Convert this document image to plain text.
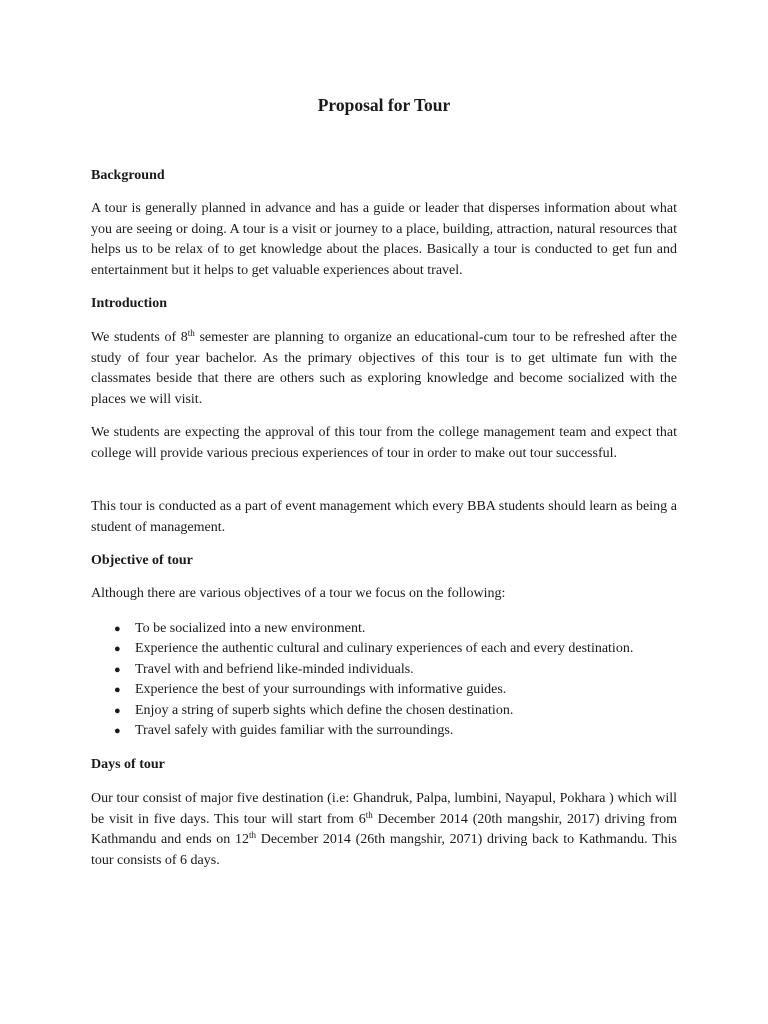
Proposal for Tour
Background

A tour is generally planned in advance and has a guide or leader that disperses information about what you are seeing or doing. A tour is a visit or journey to a place, building, attraction, natural resources that helps us to be relax of to get knowledge about the places. Basically a tour is conducted to get fun and entertainment but it helps to get valuable experiences about travel.

Introduction

We students of 8th semester are planning to organize an educational-cum tour to be refreshed after the study of four year bachelor. As the primary objectives of this tour is to get ultimate fun with the classmates beside that there are others such as exploring knowledge and become socialized with the places we will visit.

We students are expecting the approval of this tour from the college management team and expect that college will provide various precious experiences of tour in order to make out tour successful.

This tour is conducted as a part of event management which every BBA students should learn as being a student of management.

Objective of tour

Although there are various objectives of a tour we focus on the following:

● To be socialized into a new environment.
● Experience the authentic cultural and culinary experiences of each and every destination.
● Travel with and befriend like-minded individuals.
● Experience the best of your surroundings with informative guides.
● Enjoy a string of superb sights which define the chosen destination.
● Travel safely with guides familiar with the surroundings.
Days of tour

Our tour consist of major five destination (i.e: Ghandruk, Palpa, lumbini, Nayapul, Pokhara ) which will be visit in five days. This tour will start from 6th December 2014 (20th mangshir, 2017) driving from Kathmandu and ends on 12th December 2014 (26th mangshir, 2071) driving back to Kathmandu. This tour consists of 6 days.
